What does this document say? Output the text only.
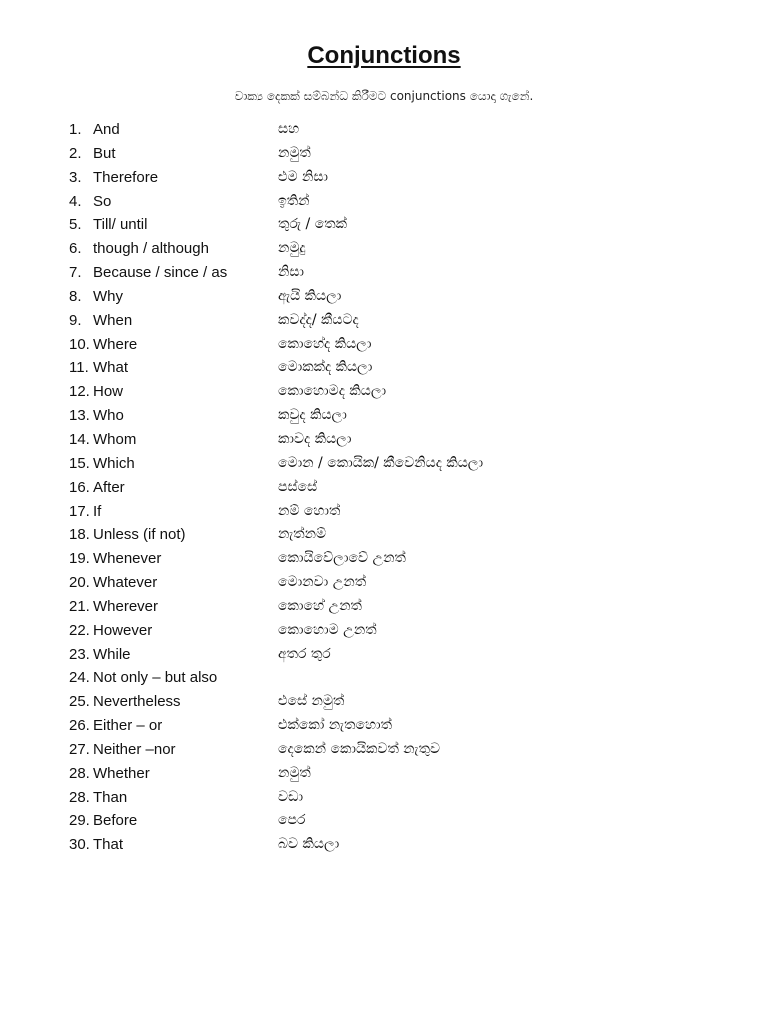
Conjunctions
වාක්‍ය දෙකක් සම්බන්ධ කිරීමට conjunctions යොදා ගැනේ.
1. And	සහ
2. But	නමුත්
3. Therefore	එම නිසා
4. So	ඉතින්
5. Till/ until	තුරු / තෙක්
6. though / although	නමුදු
7. Because / since / as	නිසා
8. Why	ඇයි කියලා
9. When	කවද්ද/ කීයටද
10. Where	කොහේද කියලා
11. What	මොකක්ද කියලා
12. How	කොහොමද කියලා
13. Who	කවුද කියලා
14. Whom	කාවද කියලා
15. Which	මොන / කොයික/ කීවෙනියද කියලා
16. After	පස්සේ
17. If	නම් හොත්
18. Unless (if not)	නැත්නම්
19. Whenever	කොයිවේලාවේ උනත්
20. Whatever	මොනවා උනත්
21. Wherever	කොහේ උනත්
22. However	කොහොම උනත්
23. While	අතර තුර
24. Not only – but also
25. Nevertheless	එසේ නමුත්
26. Either – or	එක්කෝ නැතහොත්
27. Neither –nor	දෙකෙන් කොයිකවත් නැතුව
28. Whether	නමුත්
28. Than	වඩා
29. Before	පෙර
30. That	බව කියලා
